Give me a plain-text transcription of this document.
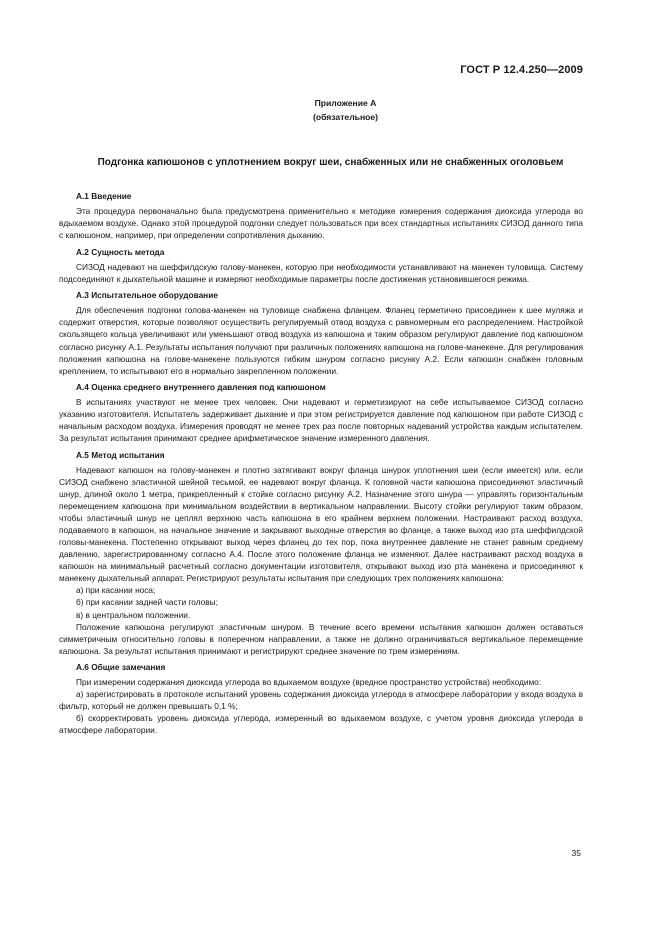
ГОСТ Р 12.4.250—2009
Приложение А
(обязательное)
Подгонка капюшонов с уплотнением вокруг шеи, снабженных или не снабженных оголовьем
А.1 Введение
Эта процедура первоначально была предусмотрена применительно к методике измерения содержания диоксида углерода во вдыхаемом воздухе. Однако этой процедурой подгонки следует пользоваться при всех стандартных испытаниях СИЗОД данного типа с капюшоном, например, при определении сопротивления дыханию.
А.2 Сущность метода
СИЗОД надевают на шеффилдскую голову-манекен, которую при необходимости устанавливают на манекен туловища. Систему подсоединяют к дыхательной машине и измеряют необходимые параметры после достижения установившегося режима.
А.3 Испытательное оборудование
Для обеспечения подгонки голова-манекен на туловище снабжена фланцем. Фланец герметично присоединен к шее муляжа и содержит отверстия, которые позволяют осуществить регулируемый отвод воздуха с равномерным его распределением. Настройкой скользящего кольца увеличивают или уменьшают отвод воздуха из капюшона и таким образом регулируют давление под капюшоном согласно рисунку А.1. Результаты испытания получают при различных положениях капюшона на голове-манекене. Для регулирования положения капюшона на голове-манекене пользуются гибким шнуром согласно рисунку А.2. Если капюшон снабжен головным креплением, то испытывают его в нормально закрепленном положении.
А.4 Оценка среднего внутреннего давления под капюшоном
В испытаниях участвуют не менее трех человек. Они надевают и герметизируют на себе испытываемое СИЗОД согласно указанию изготовителя. Испытатель задерживает дыхание и при этом регистрируется давление под капюшоном при работе СИЗОД с начальным расходом воздуха. Измерения проводят не менее трех раз после повторных надеваний устройства каждым испытателем. За результат испытания принимают среднее арифметическое значение измеренного давления.
А.5 Метод испытания
Надевают капюшон на голову-манекен и плотно затягивают вокруг фланца шнурок уплотнения шеи (если имеется) или, если СИЗОД снабжено эластичной шейной тесьмой, ее надевают вокруг фланца. К головной части капюшона присоединяют эластичный шнур, длиной около 1 метра, прикрепленный к стойке согласно рисунку А.2. Назначение этого шнура — управлять горизонтальным перемещением капюшона при минимальном воздействии в вертикальном направлении. Высоту стойки регулируют таким образом, чтобы эластичный шнур не цеплял верхнюю часть капюшона в его крайнем верхнем положении. Настраивают расход воздуха, подаваемого в капюшон, на начальное значение и закрывают выходные отверстия во фланце, а также выход изо рта шеффилдской головы-манекена. Постепенно открывают выход через фланец до тех пор, пока внутреннее давление не станет равным среднему давлению, зарегистрированному согласно А.4. После этого положение фланца не изменяют. Далее настраивают расход воздуха в капюшон на минимальный расчетный согласно документации изготовителя, открывают выход изо рта манекена и присоединяют к манекену дыхательный аппарат. Регистрируют результаты испытания при следующих трех положениях капюшона:
а) при касании носа;
б) при касании задней части головы;
в) в центральном положении.
Положение капюшона регулируют эластичным шнуром. В течение всего времени испытания капюшон должен оставаться симметричным относительно головы в поперечном направлении, а также не должно ограничиваться вертикальное перемещение капюшона. За результат испытания принимают и регистрируют среднее значение по трем измерениям.
А.6 Общие замечания
При измерении содержания диоксида углерода во вдыхаемом воздухе (вредное пространство устройства) необходимо:
а) зарегистрировать в протоколе испытаний уровень содержания диоксида углерода в атмосфере лаборатории у входа воздуха в фильтр, который не должен превышать 0,1 %;
б) скорректировать уровень диоксида углерода, измеренный во вдыхаемом воздухе, с учетом уровня диоксида углерода в атмосфере лаборатории.
35
